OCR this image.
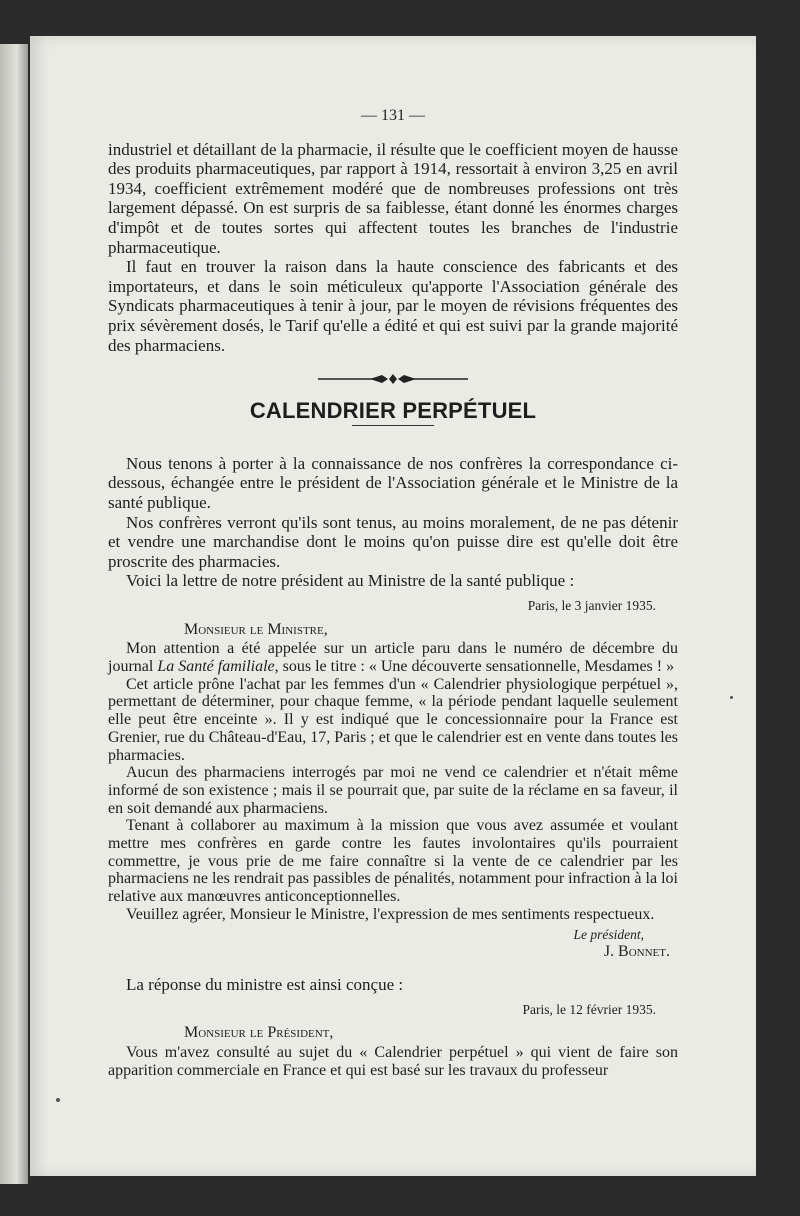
— 131 —

industriel et détaillant de la pharmacie, il résulte que le coefficient moyen de hausse des produits pharmaceutiques, par rapport à 1914, ressortait à environ 3,25 en avril 1934, coefficient extrêmement modéré que de nombreuses professions ont très largement dépassé. On est surpris de sa faiblesse, étant donné les énormes charges d'impôt et de toutes sortes qui affectent toutes les branches de l'industrie pharmaceutique.

Il faut en trouver la raison dans la haute conscience des fabricants et des importateurs, et dans le soin méticuleux qu'apporte l'Association générale des Syndicats pharmaceutiques à tenir à jour, par le moyen de révisions fréquentes des prix sévèrement dosés, le Tarif qu'elle a édité et qui est suivi par la grande majorité des pharmaciens.

CALENDRIER PERPÉTUEL

Nous tenons à porter à la connaissance de nos confrères la correspondance ci-dessous, échangée entre le président de l'Association générale et le Ministre de la santé publique.

Nos confrères verront qu'ils sont tenus, au moins moralement, de ne pas détenir et vendre une marchandise dont le moins qu'on puisse dire est qu'elle doit être proscrite des pharmacies.

Voici la lettre de notre président au Ministre de la santé publique :

Paris, le 3 janvier 1935.
Monsieur le Ministre,

Mon attention a été appelée sur un article paru dans le numéro de décembre du journal La Santé familiale, sous le titre : « Une découverte sensationnelle, Mesdames ! »

Cet article prône l'achat par les femmes d'un « Calendrier physiologique perpétuel », permettant de déterminer, pour chaque femme, « la période pendant laquelle seulement elle peut être enceinte ». Il y est indiqué que le concessionnaire pour la France est Grenier, rue du Château-d'Eau, 17, Paris ; et que le calendrier est en vente dans toutes les pharmacies.

Aucun des pharmaciens interrogés par moi ne vend ce calendrier et n'était même informé de son existence ; mais il se pourrait que, par suite de la réclame en sa faveur, il en soit demandé aux pharmaciens.

Tenant à collaborer au maximum à la mission que vous avez assumée et voulant mettre mes confrères en garde contre les fautes involontaires qu'ils pourraient commettre, je vous prie de me faire connaître si la vente de ce calendrier par les pharmaciens ne les rendrait pas passibles de pénalités, notamment pour infraction à la loi relative aux manœuvres anticonceptionnelles.

Veuillez agréer, Monsieur le Ministre, l'expression de mes sentiments respectueux.

Le président,
J. Bonnet.

La réponse du ministre est ainsi conçue :

Paris, le 12 février 1935.
Monsieur le Président,

Vous m'avez consulté au sujet du « Calendrier perpétuel » qui vient de faire son apparition commerciale en France et qui est basé sur les travaux du professeur
